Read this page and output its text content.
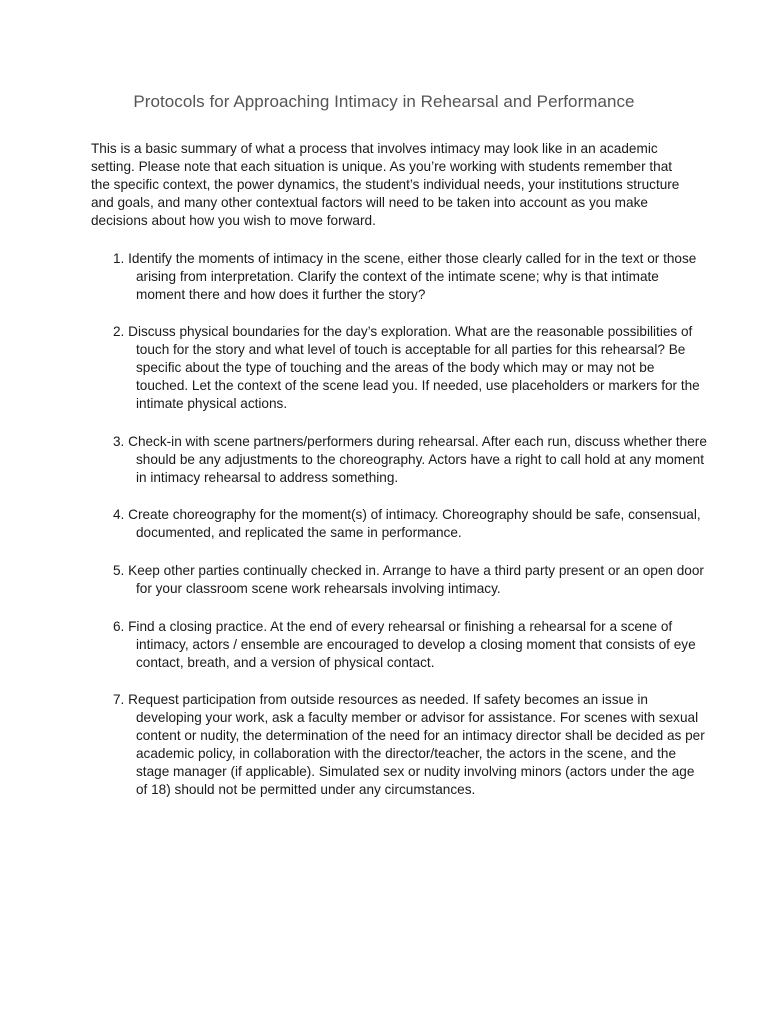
Protocols for Approaching Intimacy in Rehearsal and Performance

This is a basic summary of what a process that involves intimacy may look like in an academic setting. Please note that each situation is unique. As you’re working with students remember that the specific context, the power dynamics, the student’s individual needs, your institutions structure and goals, and many other contextual factors will need to be taken into account as you make decisions about how you wish to move forward.

1. Identify the moments of intimacy in the scene, either those clearly called for in the text or those arising from interpretation. Clarify the context of the intimate scene; why is that intimate moment there and how does it further the story?

2. Discuss physical boundaries for the day’s exploration. What are the reasonable possibilities of touch for the story and what level of touch is acceptable for all parties for this rehearsal? Be specific about the type of touching and the areas of the body which may or may not be touched. Let the context of the scene lead you. If needed, use placeholders or markers for the intimate physical actions.

3. Check-in with scene partners/performers during rehearsal. After each run, discuss whether there should be any adjustments to the choreography. Actors have a right to call hold at any moment in intimacy rehearsal to address something.

4. Create choreography for the moment(s) of intimacy. Choreography should be safe, consensual, documented, and replicated the same in performance.

5. Keep other parties continually checked in. Arrange to have a third party present or an open door for your classroom scene work rehearsals involving intimacy.

6. Find a closing practice. At the end of every rehearsal or finishing a rehearsal for a scene of intimacy, actors / ensemble are encouraged to develop a closing moment that consists of eye contact, breath, and a version of physical contact.

7. Request participation from outside resources as needed. If safety becomes an issue in developing your work, ask a faculty member or advisor for assistance. For scenes with sexual content or nudity, the determination of the need for an intimacy director shall be decided as per academic policy, in collaboration with the director/teacher, the actors in the scene, and the stage manager (if applicable). Simulated sex or nudity involving minors (actors under the age of 18) should not be permitted under any circumstances.
